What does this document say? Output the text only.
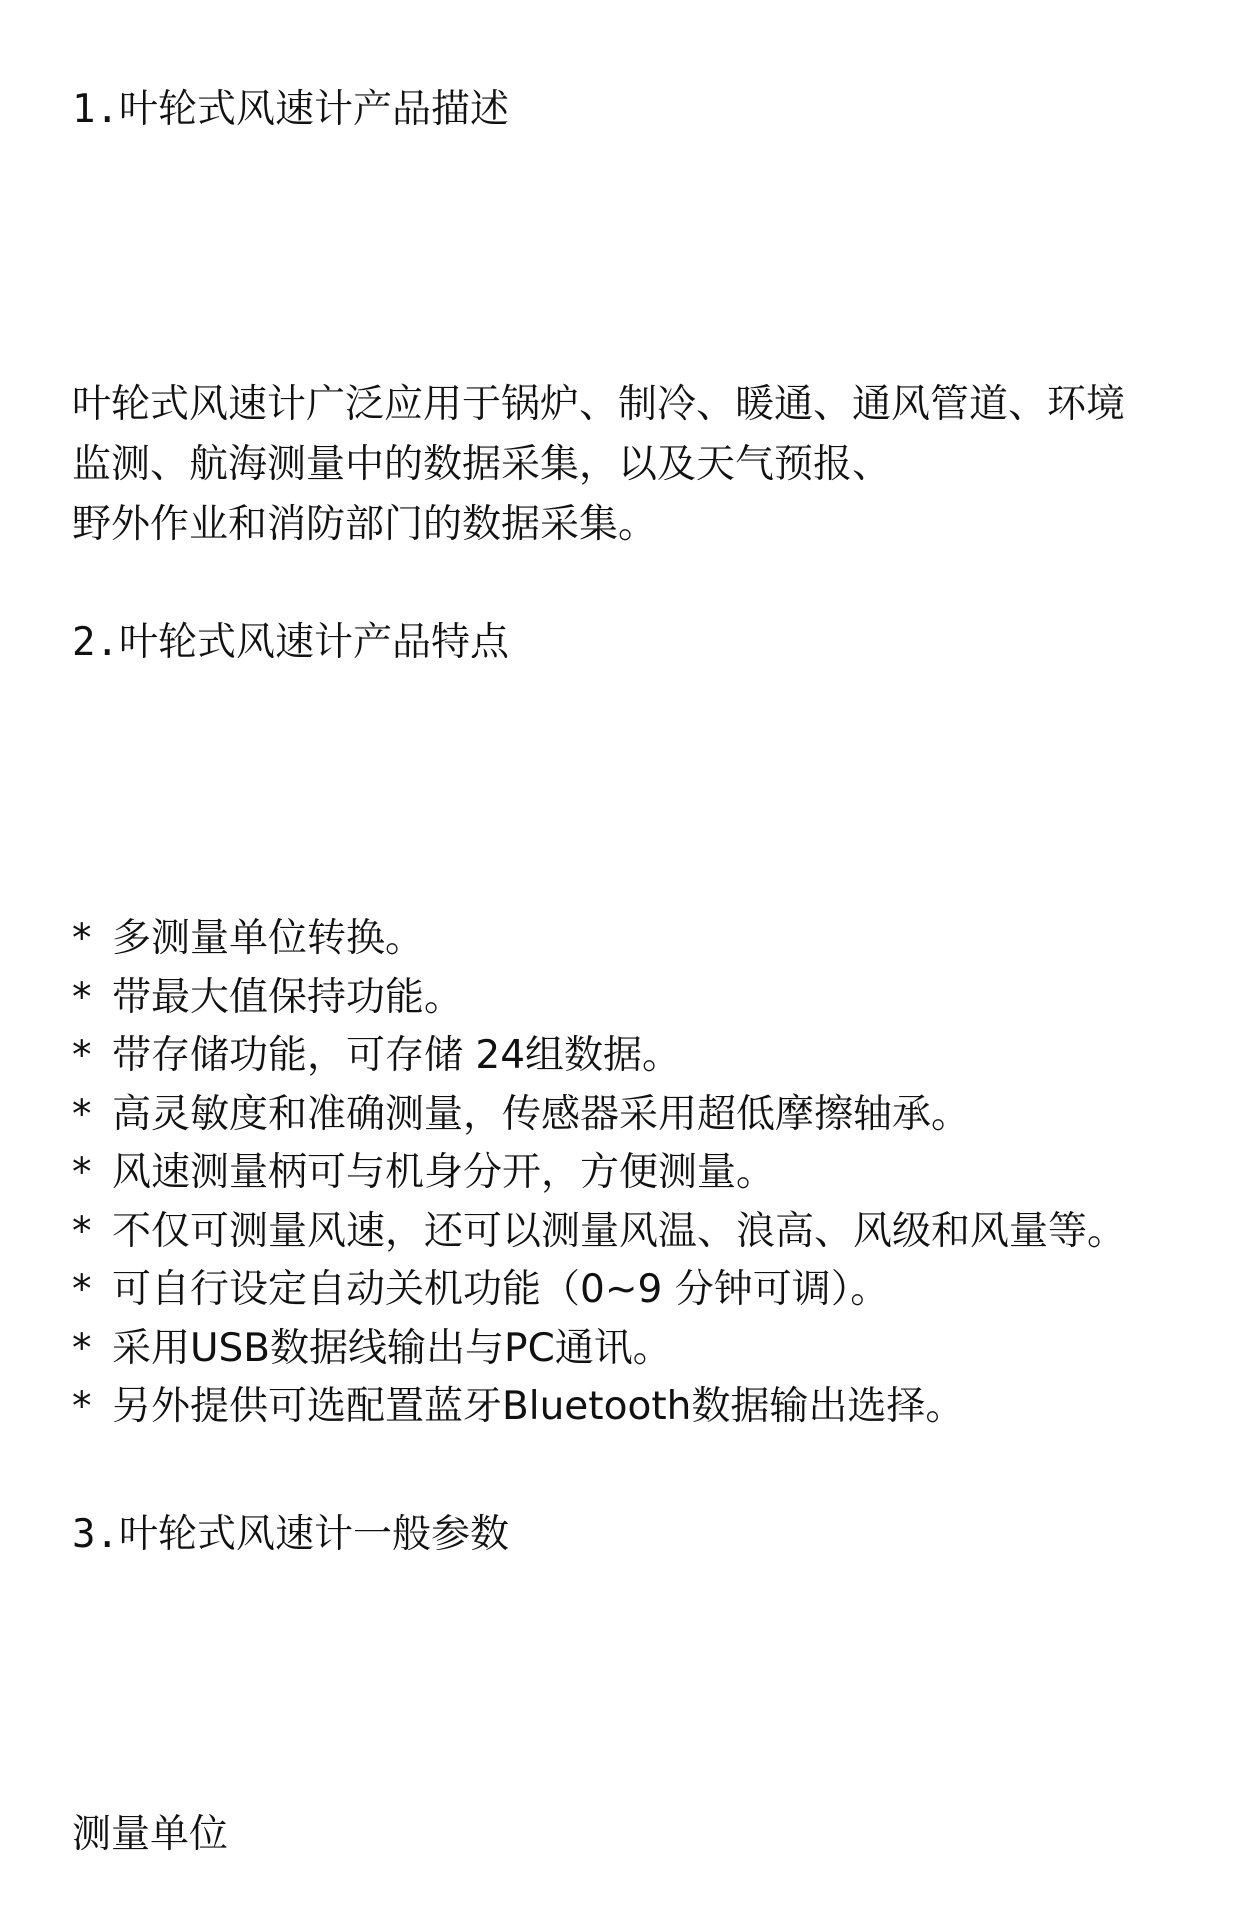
1.叶轮式风速计产品描述

叶轮式风速计广泛应用于锅炉、制冷、暖通、通风管道、环境

监测、航海测量中的数据采集，以及天气预报、

野外作业和消防部门的数据采集。

2.叶轮式风速计产品特点
* 多测量单位转换。
* 带最大值保持功能。
* 带存储功能，可存储 24组数据。
* 高灵敏度和准确测量，传感器采用超低摩擦轴承。
* 风速测量柄可与机身分开，方便测量。
* 不仅可测量风速，还可以测量风温、浪高、风级和风量等。
* 可自行设定自动关机功能（0~9 分钟可调）。
* 采用USB数据线输出与PC通讯。
* 另外提供可选配置蓝牙Bluetooth数据输出选择。
3.叶轮式风速计一般参数

测量单位
